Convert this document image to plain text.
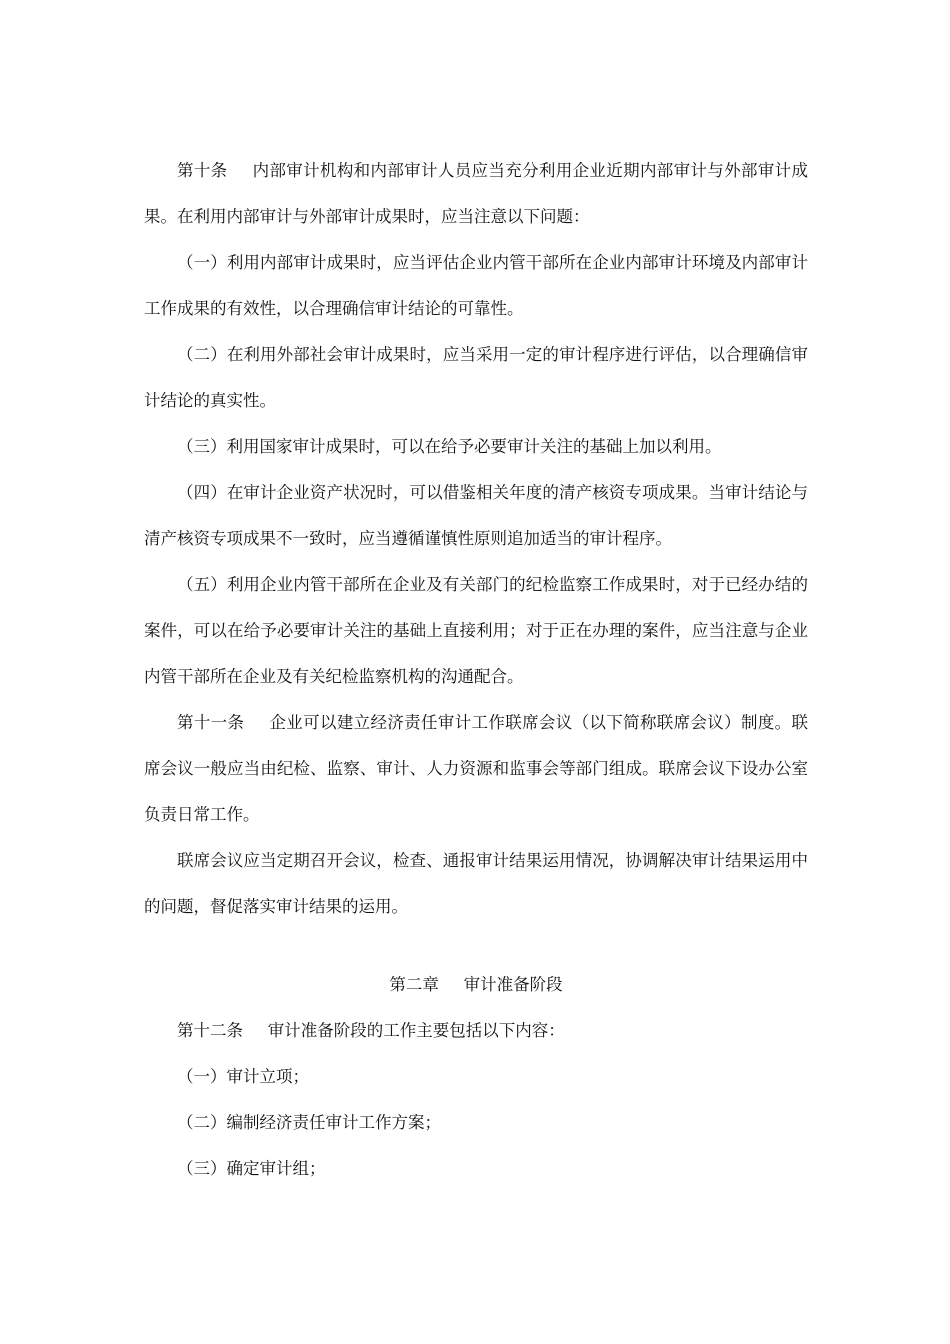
第十条 内部审计机构和内部审计人员应当充分利用企业近期内部审计与外部审计成果。在利用内部审计与外部审计成果时，应当注意以下问题：

（一）利用内部审计成果时，应当评估企业内管干部所在企业内部审计环境及内部审计工作成果的有效性，以合理确信审计结论的可靠性。

（二）在利用外部社会审计成果时，应当采用一定的审计程序进行评估，以合理确信审计结论的真实性。

（三）利用国家审计成果时，可以在给予必要审计关注的基础上加以利用。

（四）在审计企业资产状况时，可以借鉴相关年度的清产核资专项成果。当审计结论与清产核资专项成果不一致时，应当遵循谨慎性原则追加适当的审计程序。

（五）利用企业内管干部所在企业及有关部门的纪检监察工作成果时，对于已经办结的案件，可以在给予必要审计关注的基础上直接利用；对于正在办理的案件，应当注意与企业内管干部所在企业及有关纪检监察机构的沟通配合。

第十一条 企业可以建立经济责任审计工作联席会议（以下简称联席会议）制度。联席会议一般应当由纪检、监察、审计、人力资源和监事会等部门组成。联席会议下设办公室负责日常工作。

联席会议应当定期召开会议，检查、通报审计结果运用情况，协调解决审计结果运用中的问题，督促落实审计结果的运用。

第二章 审计准备阶段

第十二条 审计准备阶段的工作主要包括以下内容：

（一）审计立项；

（二）编制经济责任审计工作方案；

（三）确定审计组；
